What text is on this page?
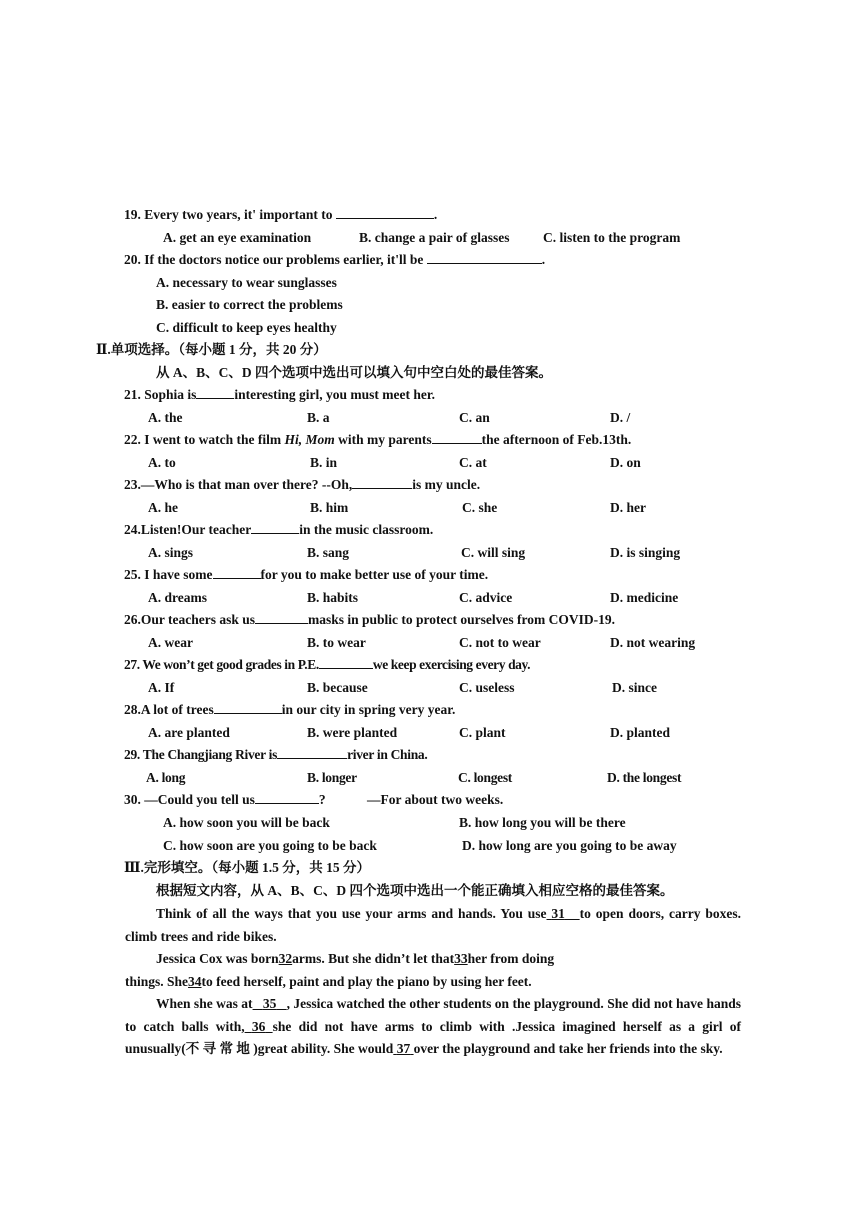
19. Every two years, it' important to	.
A. get an eye examination	B. change a pair of glasses C. listen to the program
20. If the doctors notice our problems earlier, it'll be	.
A. necessary to wear sunglasses
B. easier to correct the problems
C. difficult to keep eyes healthy
Ⅱ.单项选择。（每小题 1 分，共 20 分）
从 A、B、C、D 四个选项中选出可以填入句中空白处的最佳答案。
21. Sophia is	interesting girl, you must meet her.
A. the	B. a	C. an	D. /
22. I went to watch the film Hi, Mom with my parents	the afternoon of Feb.13th.
A. to	B. in	C. at	D. on
23.—Who is that man over there? --Oh,	is my uncle.
A. he	B. him	C. she	D. her
24.Listen!Our teacher	in the music classroom.
A. sings	B. sang	C. will sing	D. is singing
25. I have some	for you to make better use of your time.
A. dreams	B. habits	C. advice	D. medicine
26.Our teachers ask us	masks in public to protect ourselves from COVID-19.
A. wear	B. to wear	C. not to wear	D. not wearing
27. We won’t get good grades in P.E.	we keep exercising every day.
A. If	B. because	C. useless	D. since
28.A lot of trees	in our city in spring very year.
A. are planted	B. were planted	C. plant	D. planted
29. The Changjiang River is	river in China.
A. long	B. longer	C. longest	D. the longest
30. —Could you tell us	?	—For about two weeks.
A. how soon you will be back	B. how long you will be there
C. how soon are you going to be back	D. how long are you going to be away
Ⅲ.完形填空。（每小题 1.5 分，共 15 分）
根据短文内容，从 A、B、C、D 四个选项中选出一个能正确填入相应空格的最佳答案。
Think of all the ways that you use your arms and hands. You use 31 to open doors, carry boxes. climb trees and ride bikes.
Jessica Cox was born32arms. But she didn’t let that33her from doing
things. She34to feed herself, paint and play the piano by using her feet.
When she was at 35 , Jessica watched the other students on the playground. She did not have hands to catch balls with, 36 she did not have arms to climb with .Jessica imagined herself as a girl of unusually(不 寻 常 地 )great ability. She would 37 over the playground and take her friends into the sky.
